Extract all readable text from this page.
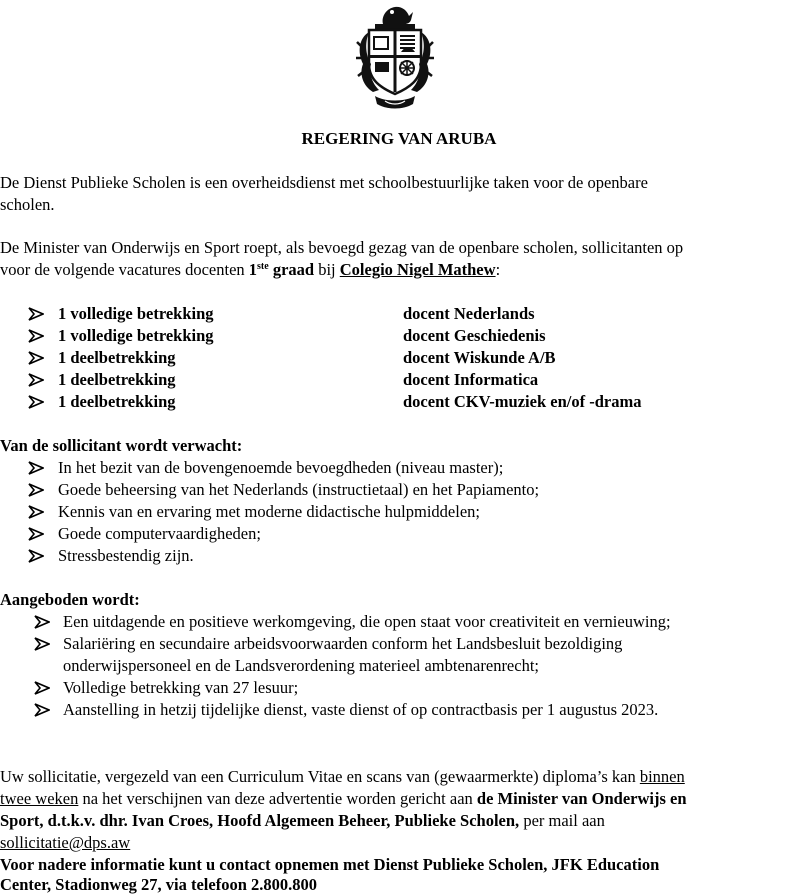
REGERING VAN ARUBA
De Dienst Publieke Scholen is een overheidsdienst met schoolbestuurlijke taken voor de openbare
scholen.
De Minister van Onderwijs en Sport roept, als bevoegd gezag van de openbare scholen, sollicitanten op
voor de volgende vacatures docenten 1ste graad bij Colegio Nigel Mathew:
1 volledige betrekking	docent Nederlands
1 volledige betrekking	docent Geschiedenis
1 deelbetrekking	docent Wiskunde A/B
1 deelbetrekking	docent Informatica
1 deelbetrekking	docent CKV-muziek en/of -drama
Van de sollicitant wordt verwacht:
In het bezit van de bovengenoemde bevoegdheden (niveau master);
Goede beheersing van het Nederlands (instructietaal) en het Papiamento;
Kennis van en ervaring met moderne didactische hulpmiddelen;
Goede computervaardigheden;
Stressbestendig zijn.
Aangeboden wordt:
Een uitdagende en positieve werkomgeving, die open staat voor creativiteit en vernieuwing;
Salariëring en secundaire arbeidsvoorwaarden conform het Landsbesluit bezoldiging
onderwijspersoneel en de Landsverordening materieel ambtenarenrecht;
Volledige betrekking van 27 lesuur;
Aanstelling in hetzij tijdelijke dienst, vaste dienst of op contractbasis per 1 augustus 2023.
Uw sollicitatie, vergezeld van een Curriculum Vitae en scans van (gewaarmerkte) diploma’s kan binnen
twee weken na het verschijnen van deze advertentie worden gericht aan de Minister van Onderwijs en
Sport, d.t.k.v. dhr. Ivan Croes, Hoofd Algemeen Beheer, Publieke Scholen, per mail aan
sollicitatie@dps.aw
Voor nadere informatie kunt u contact opnemen met Dienst Publieke Scholen, JFK Education
Center, Stadionweg 27, via telefoon 2.800.800
